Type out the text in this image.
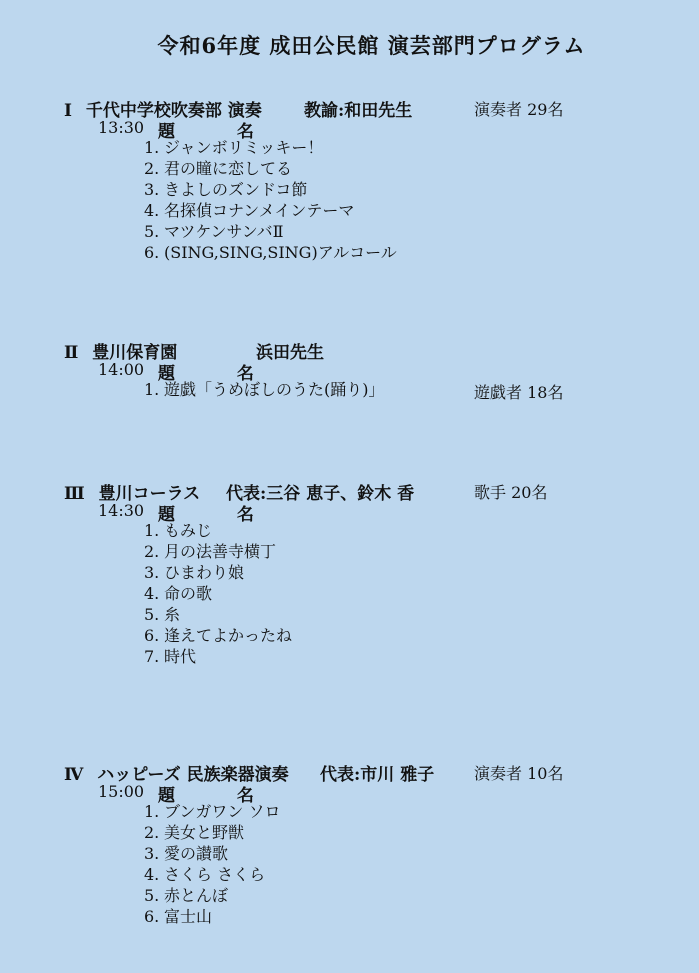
令和6年度 成田公民館 演芸部門プログラム
Ⅰ 千代中学校吹奏部 演奏 教諭:和田先生	演奏者 29名
13:30 題 名
1. ジャンボリミッキー！
2. 君の瞳に恋してる
3. きよしのズンドコ節
4. 名探偵コナンメインテーマ
5. マツケンサンバⅡ
6. (SING,SING,SING)アルコール
Ⅱ 豊川保育園	浜田先生
14:00 題 名
1. 遊戯「うめぼしのうた(踊り)」	遊戯者 18名
Ⅲ 豊川コーラス 代表:三谷 恵子、鈴木 香	歌手 20名
14:30 題 名
1. もみじ
2. 月の法善寺横丁
3. ひまわり娘
4. 命の歌
5. 糸
6. 逢えてよかったね
7. 時代
Ⅳ ハッピーズ 民族楽器演奏 代表:市川 雅子 演奏者 10名
15:00 題 名
1. ブンガワン ソロ
2. 美女と野獣
3. 愛の讃歌
4. さくら さくら
5. 赤とんぼ
6. 富士山
